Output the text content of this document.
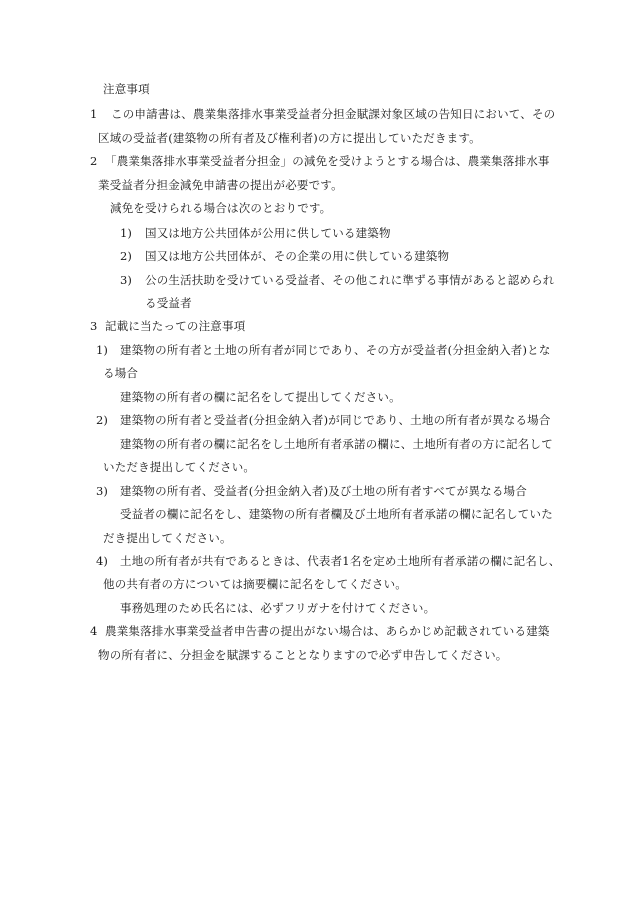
注意事項
1 この申請書は、農業集落排水事業受益者分担金賦課対象区域の告知日において、その
区域の受益者(建築物の所有者及び権利者)の方に提出していただきます。
2 「農業集落排水事業受益者分担金」の減免を受けようとする場合は、農業集落排水事
業受益者分担金減免申請書の提出が必要です。
減免を受けられる場合は次のとおりです。
1) 国又は地方公共団体が公用に供している建築物
2) 国又は地方公共団体が、その企業の用に供している建築物
3) 公の生活扶助を受けている受益者、その他これに準ずる事情があると認められ
る受益者
3 記載に当たっての注意事項
1) 建築物の所有者と土地の所有者が同じであり、その方が受益者(分担金納入者)とな
る場合
建築物の所有者の欄に記名をして提出してください。
2) 建築物の所有者と受益者(分担金納入者)が同じであり、土地の所有者が異なる場合
建築物の所有者の欄に記名をし土地所有者承諾の欄に、土地所有者の方に記名して
いただき提出してください。
3) 建築物の所有者、受益者(分担金納入者)及び土地の所有者すべてが異なる場合
受益者の欄に記名をし、建築物の所有者欄及び土地所有者承諾の欄に記名していた
だき提出してください。
4) 土地の所有者が共有であるときは、代表者1名を定め土地所有者承諾の欄に記名し、
他の共有者の方については摘要欄に記名をしてください。
事務処理のため氏名には、必ずフリガナを付けてください。
4 農業集落排水事業受益者申告書の提出がない場合は、あらかじめ記載されている建築
物の所有者に、分担金を賦課することとなりますので必ず申告してください。
